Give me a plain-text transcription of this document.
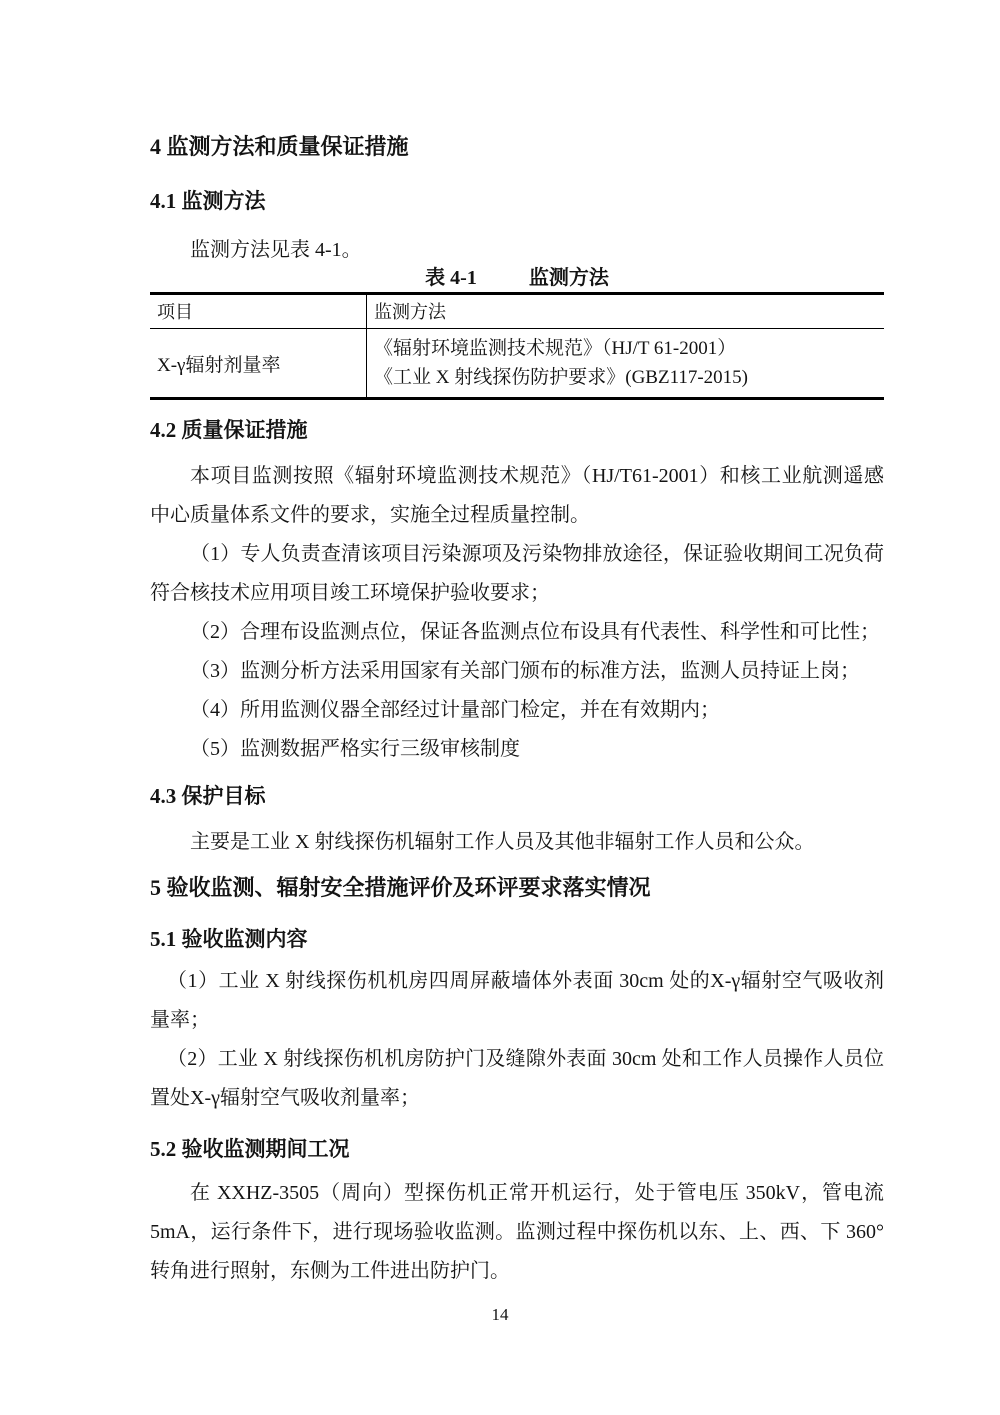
4 监测方法和质量保证措施
4.1 监测方法

监测方法见表 4-1。

表 4-1	监测方法
项目	监测方法
X-γ辐射剂量率	《辐射环境监测技术规范》（HJ/T 61-2001）
《工业 X 射线探伤防护要求》(GBZ117-2015)
4.2 质量保证措施

本项目监测按照《辐射环境监测技术规范》（HJ/T61-2001）和核工业航测遥感中心质量体系文件的要求，实施全过程质量控制。

（1）专人负责查清该项目污染源项及污染物排放途径，保证验收期间工况负荷符合核技术应用项目竣工环境保护验收要求；

（2）合理布设监测点位，保证各监测点位布设具有代表性、科学性和可比性；

（3）监测分析方法采用国家有关部门颁布的标准方法，监测人员持证上岗；

（4）所用监测仪器全部经过计量部门检定，并在有效期内；

（5）监测数据严格实行三级审核制度

4.3 保护目标

主要是工业 X 射线探伤机辐射工作人员及其他非辐射工作人员和公众。

5 验收监测、辐射安全措施评价及环评要求落实情况
5.1 验收监测内容

（1）工业 X 射线探伤机机房四周屏蔽墙体外表面 30cm 处的X-γ辐射空气吸收剂量率；

（2）工业 X 射线探伤机机房防护门及缝隙外表面 30cm 处和工作人员操作人员位置处X-γ辐射空气吸收剂量率；

5.2 验收监测期间工况

在 XXHZ-3505（周向）型探伤机正常开机运行，处于管电压 350kV，管电流 5mA，运行条件下，进行现场验收监测。监测过程中探伤机以东、上、西、下 360° 转角进行照射，东侧为工件进出防护门。

14
